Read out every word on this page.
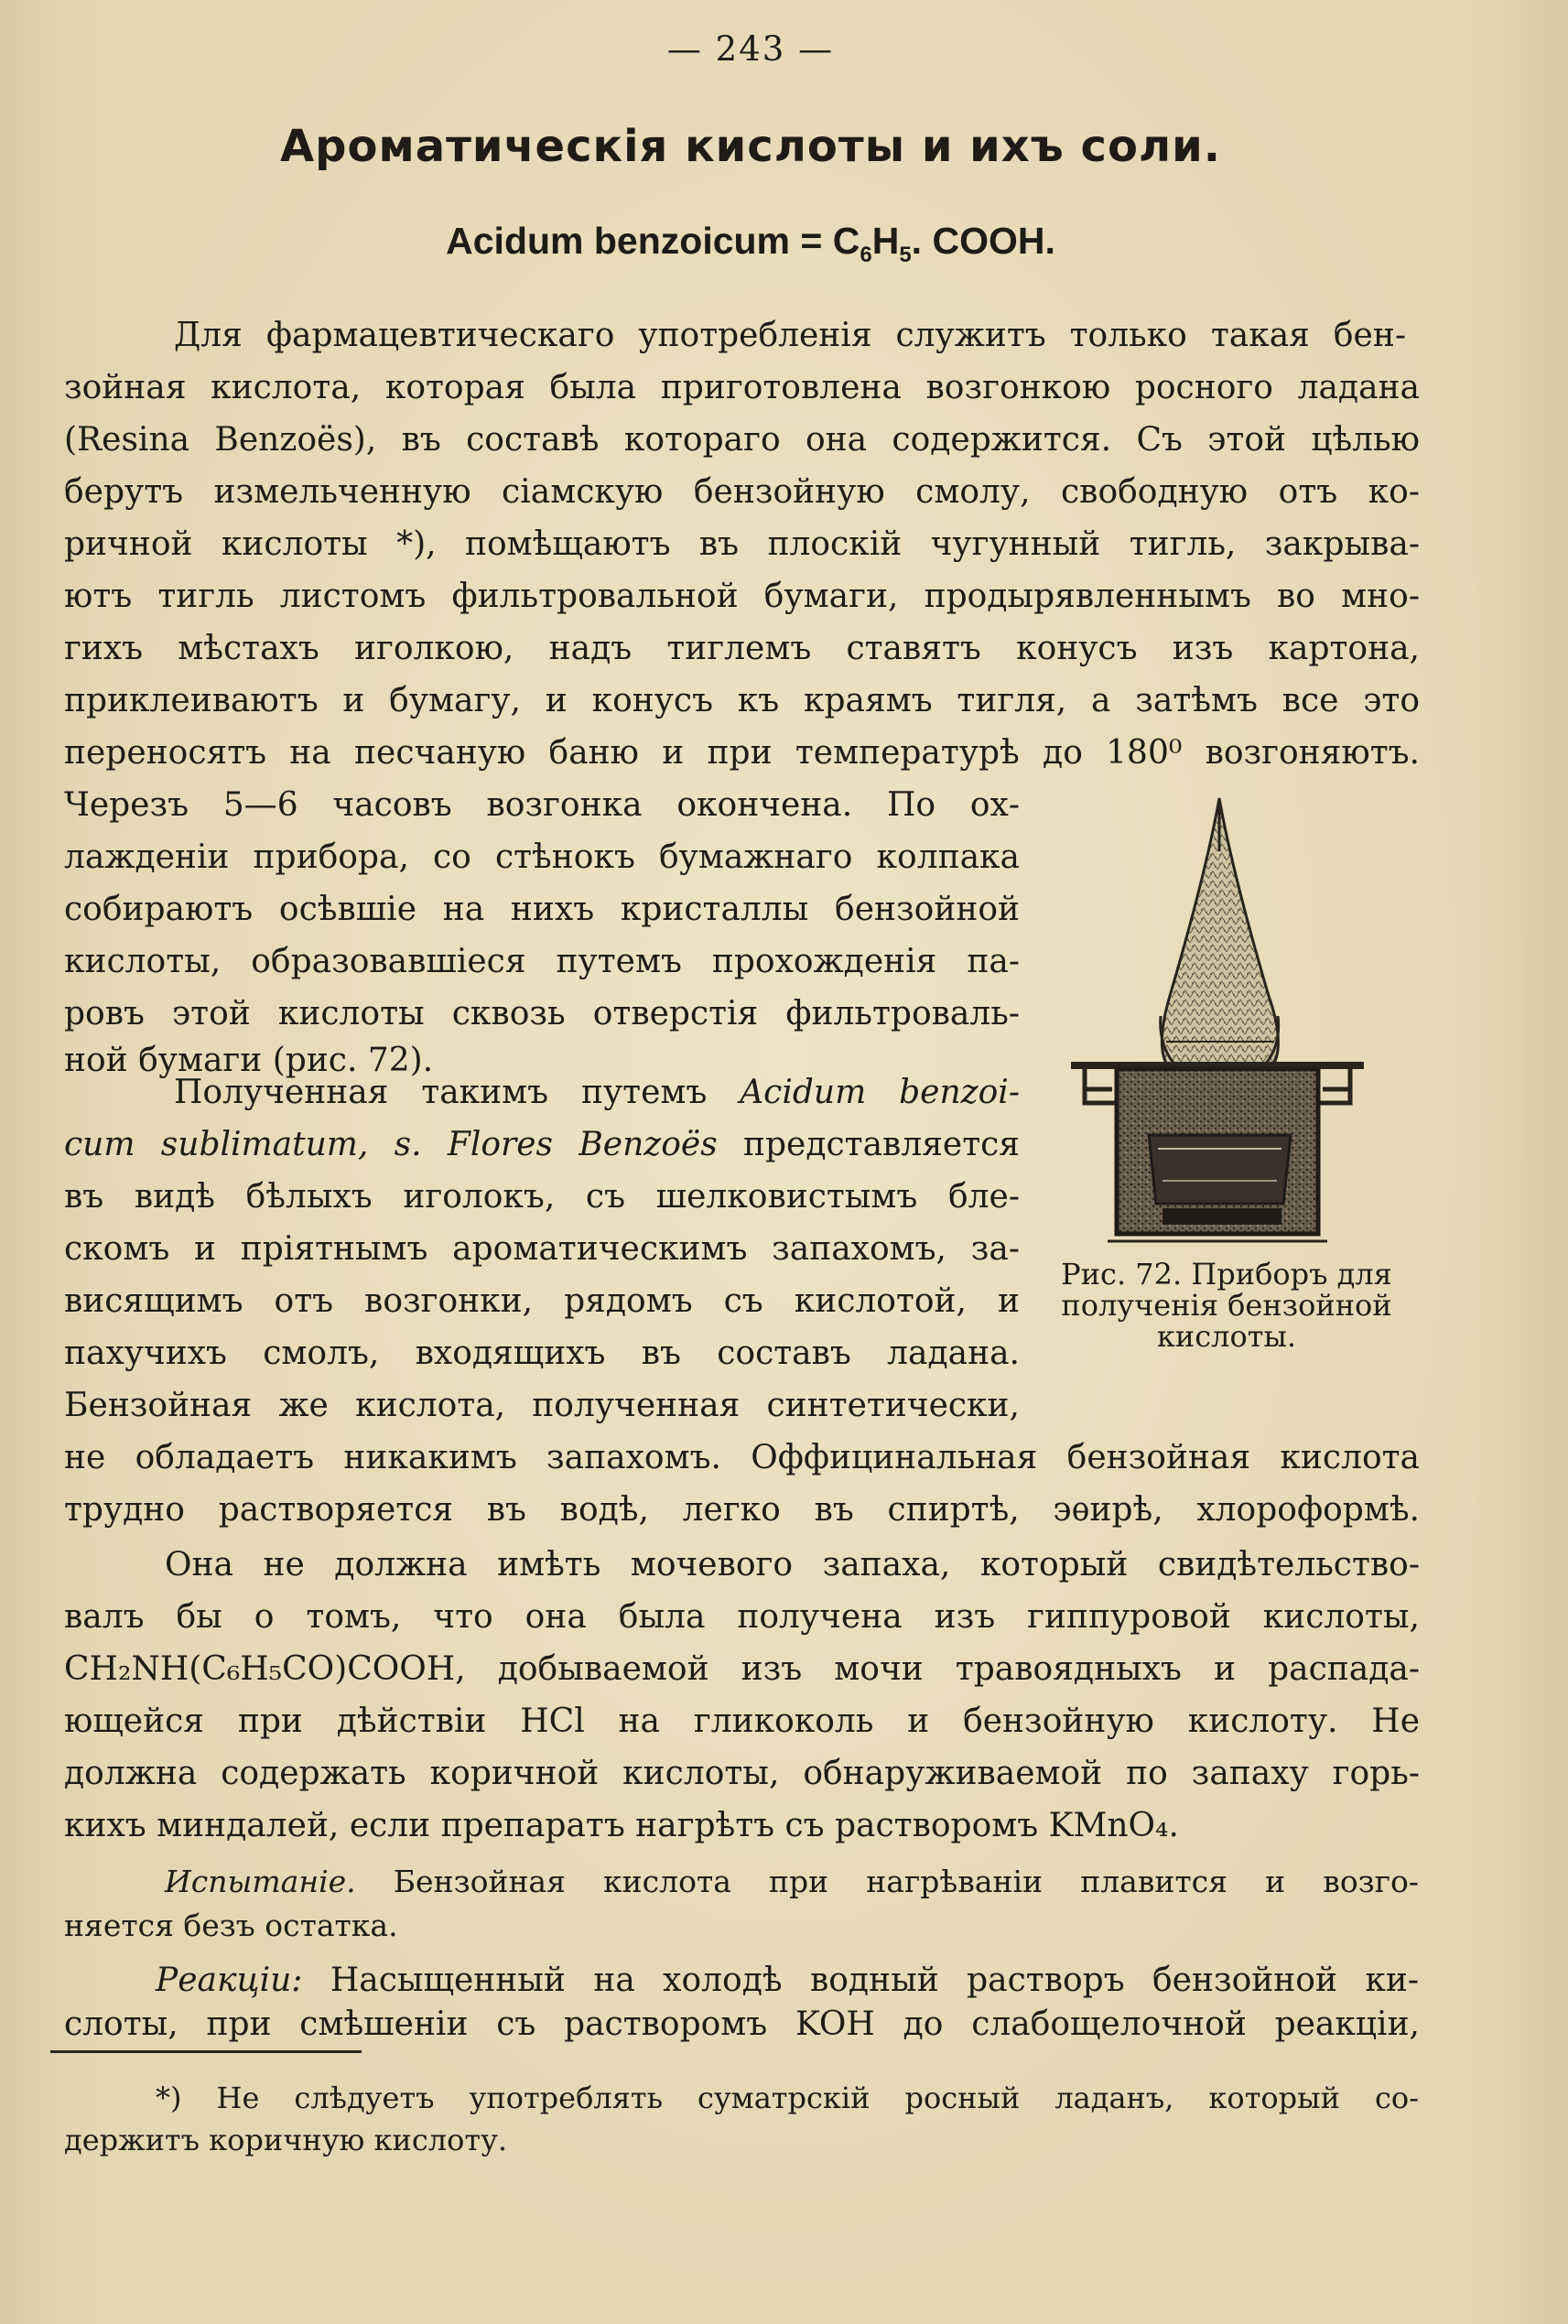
— 243 —
Ароматическія кислоты и ихъ соли.
Acidum benzoicum = $C_6H_5$. COOH.
Для фармацевтическаго употребленія служитъ только такая бен-
зойная кислота, которая была приготовлена возгонкою росного ладана
(Resina Benzoës), въ составѣ котораго она содержится. Съ этой цѣлью
берутъ измельченную сіамскую бензойную смолу, свободную отъ ко-
ричной кислоты *), помѣщаютъ въ плоскій чугунный тигль, закрыва-
ютъ тигль листомъ фильтровальной бумаги, продырявленнымъ во мно-
гихъ мѣстахъ иголкою, надъ тиглемъ ставятъ конусъ изъ картона,
приклеиваютъ и бумагу, и конусъ къ краямъ тигля, а затѣмъ все это
переносятъ на песчаную баню и при температурѣ до 180⁰ возгоняютъ.
Черезъ 5—6 часовъ возгонка окончена. По ох-
лажденіи прибора, со стѣнокъ бумажнаго колпака
собираютъ осѣвшіе на нихъ кристаллы бензойной
кислоты, образовавшіеся путемъ прохожденія па-
ровъ этой кислоты сквозь отверстія фильтроваль-
ной бумаги (рис. 72).
Полученная такимъ путемъ Acidum benzoi-
cum sublimatum, s. Flores Benzoës представляется
въ видѣ бѣлыхъ иголокъ, съ шелковистымъ бле-
скомъ и пріятнымъ ароматическимъ запахомъ, за-
висящимъ отъ возгонки, рядомъ съ кислотой, и
пахучихъ смолъ, входящихъ въ составъ ладана.
Бензойная же кислота, полученная синтетически,
не обладаетъ никакимъ запахомъ. Оффицинальная бензойная кислота
трудно растворяется въ водѣ, легко въ спиртѣ, эѳирѣ, хлороформѣ.
Она не должна имѣть мочевого запаха, который свидѣтельство-
валъ бы о томъ, что она была получена изъ гиппуровой кислоты,
CH₂NH(C₆H₅CO)COOH, добываемой изъ мочи травоядныхъ и распада-
ющейся при дѣйствіи HCl на гликоколь и бензойную кислоту. Не
должна содержать коричной кислоты, обнаруживаемой по запаху горь-
кихъ миндалей, если препаратъ нагрѣтъ съ растворомъ KMnO₄.
Испытаніе. Бензойная кислота при нагрѣваніи плавится и возго-
няется безъ остатка.
Реакціи: Насыщенный на холодѣ водный растворъ бензойной ки-
слоты, при смѣшеніи съ растворомъ KOH до слабощелочной реакціи,
Рис. 72. Приборъ для
полученія бензойной
кислоты.
*) Не слѣдуетъ употреблять суматрскій росный ладанъ, который со-
держитъ коричную кислоту.
